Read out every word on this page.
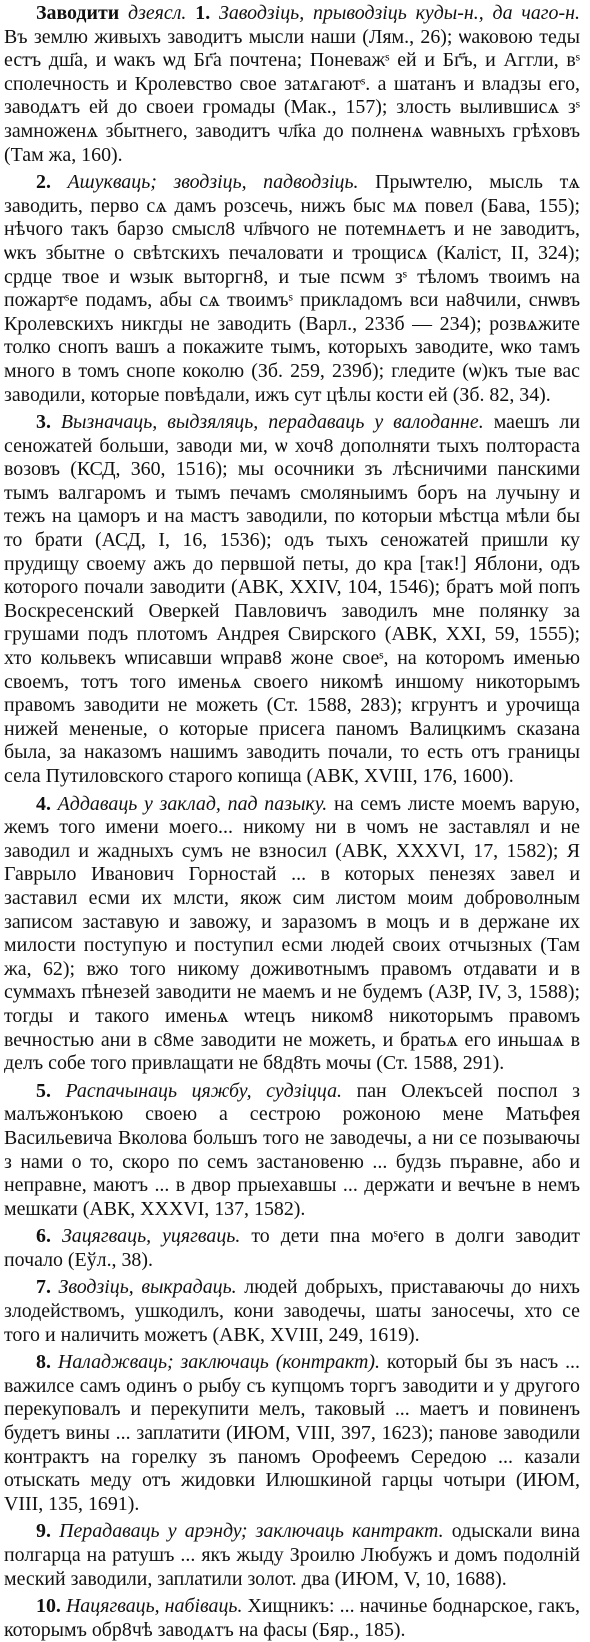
Заводити дзеясл. 1. Заводзіць, прыводзіць куды-н., да чаго-н. Въ землю живыхъ заводитъ мысли наши (Лям., 26); ѡаковою теды естъ дш҃а, и ѡакъ ѡд Бг҃а почтена; Поневажˢ ей и Бг҃ъ, и Аггли, вˢ сполечность и Кролевство свое затѧгаютˢ. а шатанъ и владзы его, заводѧтъ ей до своеи громады (Мак., 157); злость вылившисѧ зˢ замноженѧ збытнего, заводитъ чл҃ка до полненѧ ѡавныхъ грѣховъ (Там жа, 160).

2. Ашукваць; зводзіць, падводзіць. Прыѡтелю, мысль тѧ заводить, перво сѧ дамъ розсечь, нижъ быс мѧ повел (Бава, 155); нѣчого такъ барзо смысл8 чл҃вчого не потемнѧетъ и не заводитъ, ѡкъ збытне о свѣтскихъ печаловати и трощисѧ (Каліст, II, 324); срдце твое и ѡзык выторгн8, и тые псѡм зˢ тѣломъ твоимъ на пожартˢе подамъ, абы сѧ твоимъˢ прикладомъ вси на8чили, снѡвъ Кролевскихъ никгды не заводить (Варл., 233б — 234); розвѧжите толко снопъ вашъ а покажите тымъ, которыхъ заводите, ѡко тамъ много в томъ снопе коколю (Зб. 259, 239б); гледите (ѡ)къ тые вас заводили, которые повѣдали, ижъ сут цѣлы кости ей (Зб. 82, 34).

3. Вызначаць, выдзяляць, перадаваць у валоданне. маешъ ли сеножатей больши, заводи ми, ѡ хоч8 дополняти тыхъ полтораста возовъ (КСД, 360, 1516); мы осочники зъ лѣсничими панскими тымъ валгаромъ и тымъ печамъ смоляныимъ боръ на лучыну и тежъ на цаморъ и на мастъ заводили, по которыи мѣстца мѣли бы то брати (АСД, I, 16, 1536); одъ тыхъ сеножатей пришли ку прудищу своему ажъ до первшой петы, до кра [так!] Яблони, одъ которого почали заводити (АВК, XXIV, 104, 1546); братъ мой попъ Воскресенский Оверкей Павловичъ заводилъ мне полянку за грушами подъ плотомъ Андрея Свирского (АВК, XXI, 59, 1555); хто кольвекъ ѡписавши ѡправ8 жоне своеˢ, на которомъ именью своемъ, тотъ того именьѧ своего никомѣ иншому никоторымъ правомъ заводити не можеть (Ст. 1588, 283); кгрунтъ и урочища нижей мененые, о которые присега паномъ Валицкимъ сказана была, за наказомъ нашимъ заводить почали, то есть отъ границы села Путиловского старого копища (АВК, XVIII, 176, 1600).

4. Аддаваць у заклад, пад пазыку. на семъ листе моемъ варую, жемъ того имени моего... никому ни в чомъ не заставлял и не заводил и жадныхъ сумъ не взносил (АВК, XXXVI, 17, 1582); Я Гаврыло Иванович Горностай ... в которых пенезях завел и заставил есми их млсти, якож сим листом моим доброволным записом заставую и завожу, и заразомъ в моцъ и в держане их милости поступую и поступил есми людей своих отчызных (Там жа, 62); вжо того никому доживотнымъ правомъ отдавати и в суммахъ пѣнезей заводити не маемъ и не будемъ (АЗР, IV, 3, 1588); тогды и такого именьѧ ѡтецъ ником8 никоторымъ правомъ вечностью ани в с8ме заводити не можеть, и братьѧ его иньшаѧ в делъ собе того привлащати не б8д8ть мочы (Ст. 1588, 291).

5. Распачынаць цяжбу, судзіцца. пан Олекъсей поспол з малъжонъкою своею а сестрою рожоною мене Матьфея Васильевича Вколова большъ того не заводечы, а ни се позываючы з нами о то, скоро по семъ застановеню ... будзь пъравне, або и неправне, маютъ ... в двор прыехавшы ... держати и вечъне в немъ мешкати (АВК, XXXVI, 137, 1582).

6. Зацягваць, уцягваць. то дети пна моˢего в долги заводит почало (Еўл., 38).

7. Зводзіць, выкрадаць. людей добрыхъ, приставаючы до нихъ злодействомъ, ушкодилъ, кони заводечы, шаты заносечы, хто се того и наличить можетъ (АВК, XVIII, 249, 1619).

8. Наладжваць; заключаць (контракт). который бы зъ насъ ... важилсе самъ одинъ о рыбу съ купцомъ торгъ заводити и у другого перекуповалъ и перекупити мелъ, таковый ... маетъ и повиненъ будетъ вины ... заплатити (ИЮМ, VIII, 397, 1623); панове заводили контрактъ на горелку зъ паномъ Орофеемъ Середою ... казали отыскать меду отъ жидовки Илюшкиной гарцы чотыри (ИЮМ, VIII, 135, 1691).

9. Перадаваць у арэнду; заключаць кантракт. одыскали вина полгарца на ратушъ ... якъ жыду Зроилю Любужъ и домъ подолній меский заводили, заплатили золот. два (ИЮМ, V, 10, 1688).

10. Нацягваць, набіваць. Хищникъ: ... начиньe боднарское, гакъ, которымъ обр8чѣ заводѧтъ на фасы (Бяр., 185).
